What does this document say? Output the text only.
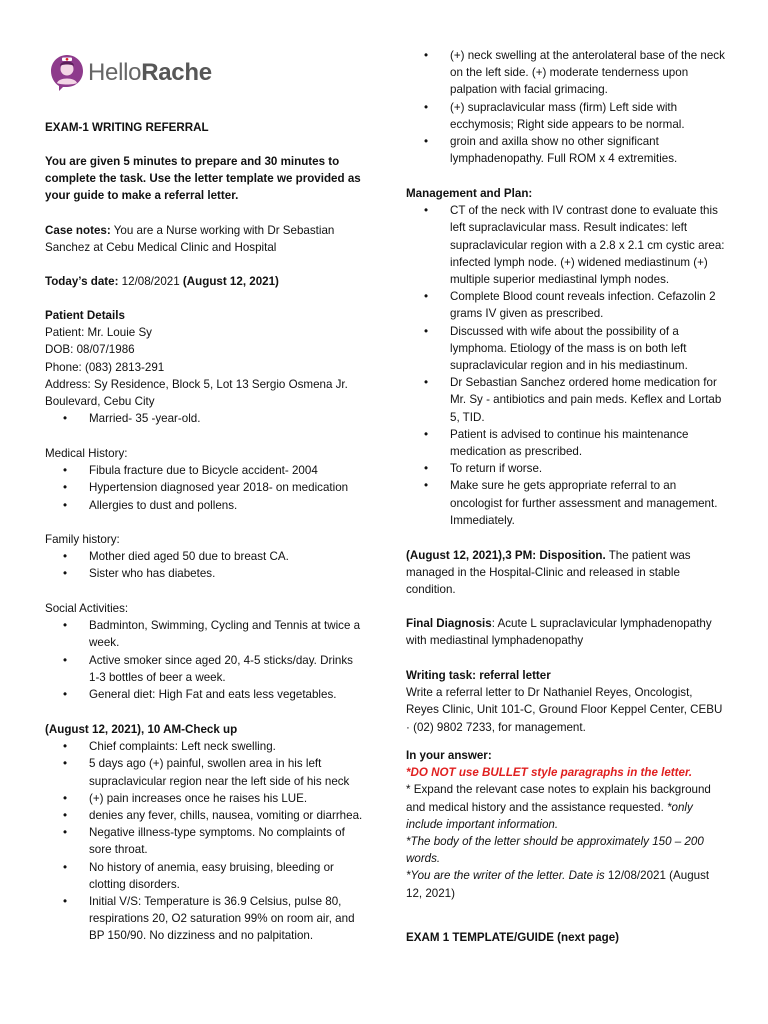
HelloRache

EXAM-1 WRITING REFERRAL

You are given 5 minutes to prepare and 30 minutes to complete the task. Use the letter template we provided as your guide to make a referral letter.

Case notes: You are a Nurse working with Dr Sebastian Sanchez at Cebu Medical Clinic and Hospital

Today’s date: 12/08/2021 (August 12, 2021)

Patient Details

Patient: Mr. Louie Sy

DOB: 08/07/1986

Phone: (083) 2813-291

Address: Sy Residence, Block 5, Lot 13 Sergio Osmena Jr. Boulevard, Cebu City

• Married- 35 -year-old.

Medical History:

• Fibula fracture due to Bicycle accident- 2004
• Hypertension diagnosed year 2018- on medication
• Allergies to dust and pollens.

Family history:

• Mother died aged 50 due to breast CA.
• Sister who has diabetes.

Social Activities:

• Badminton, Swimming, Cycling and Tennis at twice a week.
• Active smoker since aged 20, 4-5 sticks/day. Drinks 1-3 bottles of beer a week.
• General diet: High Fat and eats less vegetables.

(August 12, 2021), 10 AM-Check up

• Chief complaints: Left neck swelling.
• 5 days ago (+) painful, swollen area in his left supraclavicular region near the left side of his neck
• (+) pain increases once he raises his LUE.
• denies any fever, chills, nausea, vomiting or diarrhea.
• Negative illness-type symptoms. No complaints of sore throat.
• No history of anemia, easy bruising, bleeding or clotting disorders.
• Initial V/S: Temperature is 36.9 Celsius, pulse 80, respirations 20, O2 saturation 99% on room air, and BP 150/90. No dizziness and no palpitation.
• (+) neck swelling at the anterolateral base of the neck on the left side. (+) moderate tenderness upon palpation with facial grimacing.
• (+) supraclavicular mass (firm) Left side with ecchymosis; Right side appears to be normal.
• groin and axilla show no other significant lymphadenopathy. Full ROM x 4 extremities.

Management and Plan:

• CT of the neck with IV contrast done to evaluate this left supraclavicular mass. Result indicates: left supraclavicular region with a 2.8 x 2.1 cm cystic area: infected lymph node. (+) widened mediastinum (+) multiple superior mediastinal lymph nodes.
• Complete Blood count reveals infection. Cefazolin 2 grams IV given as prescribed.
• Discussed with wife about the possibility of a lymphoma. Etiology of the mass is on both left supraclavicular region and in his mediastinum.
• Dr Sebastian Sanchez ordered home medication for Mr. Sy - antibiotics and pain meds. Keflex and Lortab 5, TID.
• Patient is advised to continue his maintenance medication as prescribed.
• To return if worse.
• Make sure he gets appropriate referral to an oncologist for further assessment and management. Immediately.

(August 12, 2021),3 PM: Disposition. The patient was managed in the Hospital-Clinic and released in stable condition.

Final Diagnosis: Acute L supraclavicular lymphadenopathy with mediastinal lymphadenopathy

Writing task: referral letter

Write a referral letter to Dr Nathaniel Reyes, Oncologist, Reyes Clinic, Unit 101-C, Ground Floor Keppel Center, CEBU · (02) 9802 7233, for management.

In your answer:

*DO NOT use BULLET style paragraphs in the letter.

* Expand the relevant case notes to explain his background and medical history and the assistance requested. *only include important information.

*The body of the letter should be approximately 150 – 200 words.

*You are the writer of the letter. Date is 12/08/2021 (August 12, 2021)

EXAM 1 TEMPLATE/GUIDE (next page)
